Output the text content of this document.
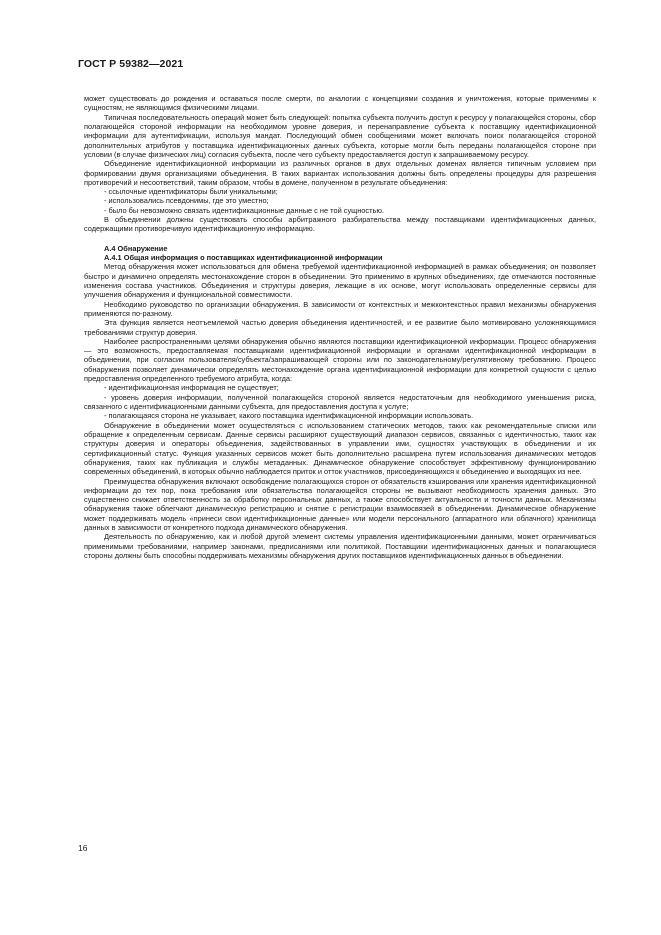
ГОСТ Р 59382—2021

может существовать до рождения и оставаться после смерти, по аналогии с концепциями создания и уничтожения, которые применимы к сущностям, не являющимся физическими лицами.

Типичная последовательность операций может быть следующей: попытка субъекта получить доступ к ресурсу у полагающейся стороны, сбор полагающейся стороной информации на необходимом уровне доверия, и перенаправление субъекта к поставщику идентификационной информации для аутентификации, используя мандат. Последующий обмен сообщениями может включать поиск полагающейся стороной дополнительных атрибутов у поставщика идентификационных данных субъекта, которые могли быть переданы полагающейся стороне при условии (в случае физических лиц) согласия субъекта, после чего субъекту предоставляется доступ к запрашиваемому ресурсу.

Объединение идентификационной информации из различных органов в двух отдельных доменах является типичным условием при формировании двумя организациями объединения. В таких вариантах использования должны быть определены процедуры для разрешения противоречий и несоответствий, таким образом, чтобы в домене, полученном в результате объединения:

- ссылочные идентификаторы были уникальными;

- использовались псевдонимы, где это уместно;

- было бы невозможно связать идентификационные данные с не той сущностью.

В объединении должны существовать способы арбитражного разбирательства между поставщиками идентификационных данных, содержащими противоречивую идентификационную информацию.

А.4 Обнаружение

А.4.1 Общая информация о поставщиках идентификационной информации

Метод обнаружения может использоваться для обмена требуемой идентификационной информацией в рамках объединения; он позволяет быстро и динамично определять местонахождение сторон в объединении. Это применимо в крупных объединениях, где отмечаются постоянные изменения состава участников. Объединения и структуры доверия, лежащие в их основе, могут использовать определенные сервисы для улучшения обнаружения и функциональной совместимости.

Необходимо руководство по организации обнаружения. В зависимости от контекстных и межконтекстных правил механизмы обнаружения применяются по-разному.

Эта функция является неотъемлемой частью доверия объединения идентичностей, и ее развитие было мотивировано усложняющимися требованиями структур доверия.

Наиболее распространенными целями обнаружения обычно являются поставщики идентификационной информации. Процесс обнаружения — это возможность, предоставляемая поставщиками идентификационной информации и органами идентификационной информации в объединении, при согласии пользователя/субъекта/запрашивающей стороны или по законодательному/регулятивному требованию. Процесс обнаружения позволяет динамически определять местонахождение органа идентификационной информации для конкретной сущности с целью предоставления определенного требуемого атрибута, когда:

- идентификационная информация не существует;

- уровень доверия информации, полученной полагающейся стороной является недостаточным для необходимого уменьшения риска, связанного с идентификационными данными субъекта, для предоставления доступа к услуге;

- полагающаяся сторона не указывает, какого поставщика идентификационной информации использовать.

Обнаружение в объединении может осуществляться с использованием статических методов, таких как рекомендательные списки или обращение к определенным сервисам. Данные сервисы расширяют существующий диапазон сервисов, связанных с идентичностью, таких как структуры доверия и операторы объединения, задействованных в управлении ими, сущностях участвующих в объединении и их сертификационный статус. Функция указанных сервисов может быть дополнительно расширена путем использования динамических методов обнаружения, таких как публикация и службы метаданных. Динамическое обнаружение способствует эффективному функционированию современных объединений, в которых обычно наблюдается приток и отток участников, присоединяющихся к объединению и выходящих из нее.

Преимущества обнаружения включают освобождение полагающихся сторон от обязательств кэширования или хранения идентификационной информации до тех пор, пока требования или обязательства полагающейся стороны не вызывают необходимость хранения данных. Это существенно снижает ответственность за обработку персональных данных, а также способствует актуальности и точности данных. Механизмы обнаружения также облегчают динамическую регистрацию и снятие с регистрации взаимосвязей в объединении. Динамическое обнаружение может поддерживать модель «принеси свои идентификационные данные» или модели персонального (аппаратного или облачного) хранилища данных в зависимости от конкретного подхода динамического обнаружения.

Деятельность по обнаружению, как и любой другой элемент системы управления идентификационными данными, может ограничиваться применимыми требованиями, например законами, предписаниями или политикой. Поставщики идентификационных данных и полагающиеся стороны должны быть способны поддерживать механизмы обнаружения других поставщиков идентификационных данных в объединении.

16
